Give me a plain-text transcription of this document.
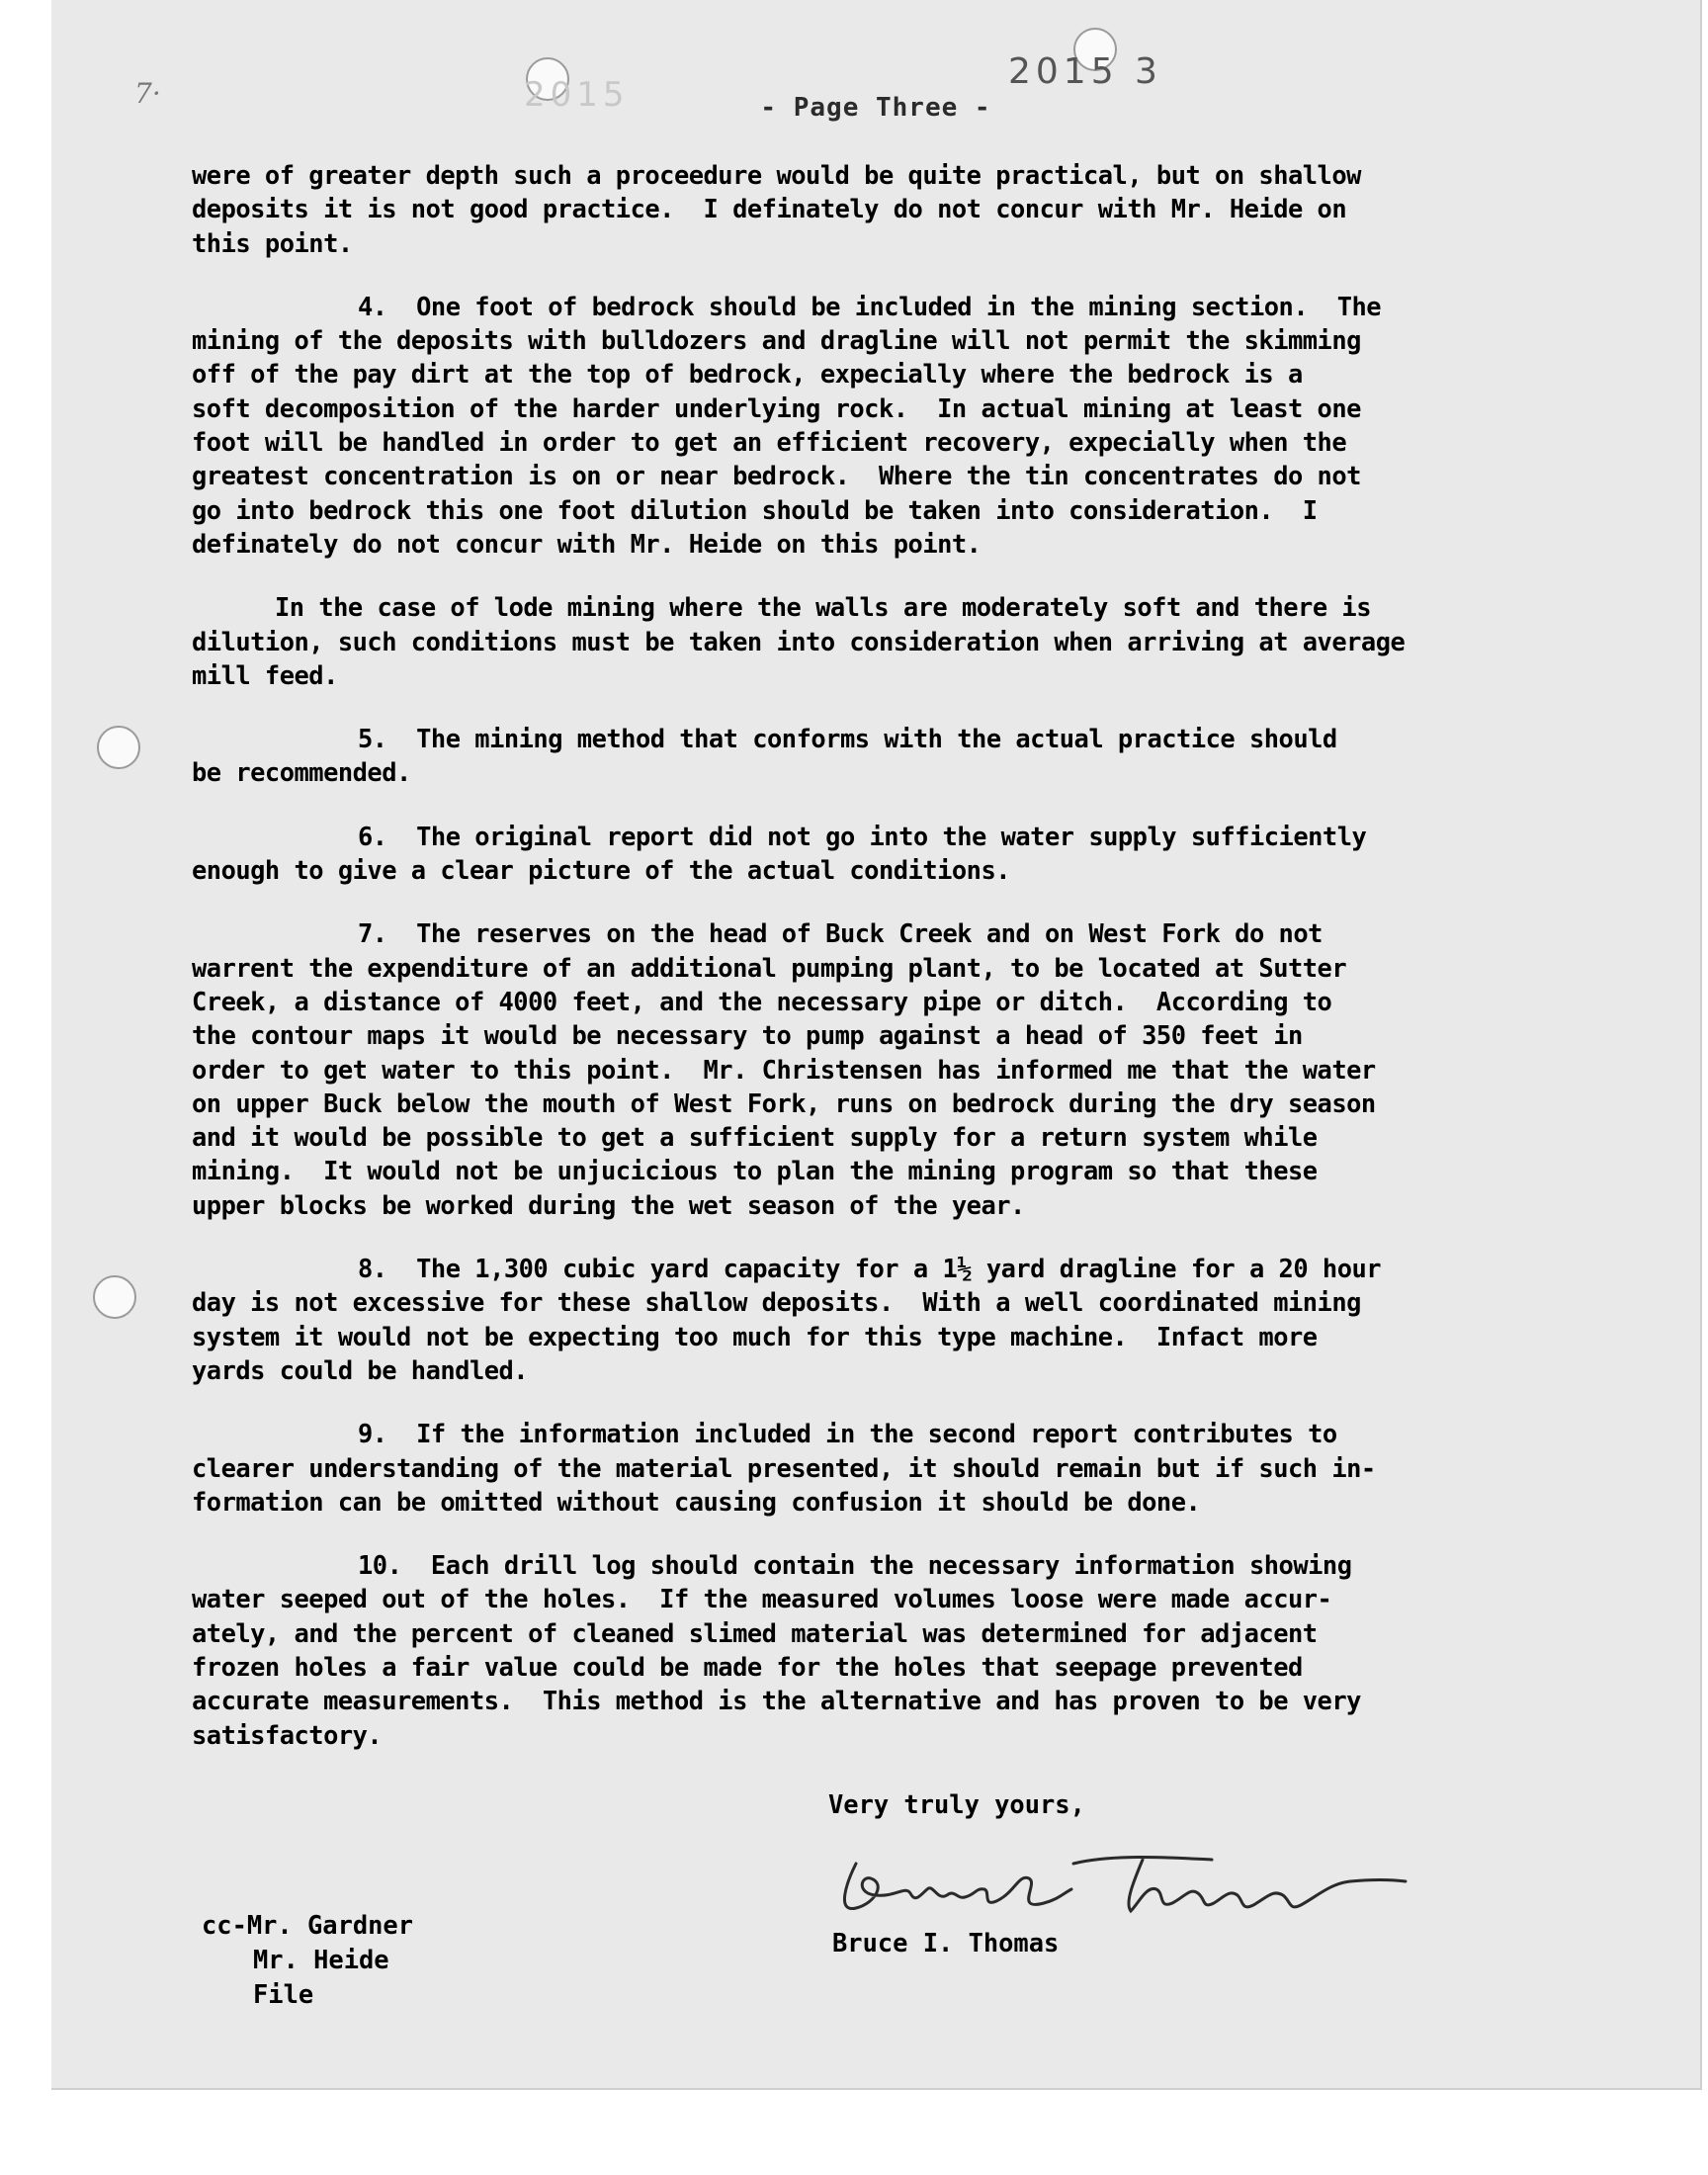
7·	2015
2015 3
- Page Three -

were of greater depth such a proceedure would be quite practical, but on shallow
deposits it is not good practice.  I definately do not concur with Mr. Heide on
this point.

4.  One foot of bedrock should be included in the mining section.  The
mining of the deposits with bulldozers and dragline will not permit the skimming
off of the pay dirt at the top of bedrock, expecially where the bedrock is a
soft decomposition of the harder underlying rock.  In actual mining at least one
foot will be handled in order to get an efficient recovery, expecially when the
greatest concentration is on or near bedrock.  Where the tin concentrates do not
go into bedrock this one foot dilution should be taken into consideration.  I
definately do not concur with Mr. Heide on this point.

In the case of lode mining where the walls are moderately soft and there is
dilution, such conditions must be taken into consideration when arriving at average
mill feed.

5.  The mining method that conforms with the actual practice should
be recommended.

6.  The original report did not go into the water supply sufficiently
enough to give a clear picture of the actual conditions.

7.  The reserves on the head of Buck Creek and on West Fork do not
warrent the expenditure of an additional pumping plant, to be located at Sutter
Creek, a distance of 4000 feet, and the necessary pipe or ditch.  According to
the contour maps it would be necessary to pump against a head of 350 feet in
order to get water to this point.  Mr. Christensen has informed me that the water
on upper Buck below the mouth of West Fork, runs on bedrock during the dry season
and it would be possible to get a sufficient supply for a return system while
mining.  It would not be unjucicious to plan the mining program so that these
upper blocks be worked during the wet season of the year.

8.  The 1,300 cubic yard capacity for a 1½ yard dragline for a 20 hour
day is not excessive for these shallow deposits.  With a well coordinated mining
system it would not be expecting too much for this type machine.  Infact more
yards could be handled.

9.  If the information included in the second report contributes to
clearer understanding of the material presented, it should remain but if such in-
formation can be omitted without causing confusion it should be done.

10.  Each drill log should contain the necessary information showing
water seeped out of the holes.  If the measured volumes loose were made accur-
ately, and the percent of cleaned slimed material was determined for adjacent
frozen holes a fair value could be made for the holes that seepage prevented
accurate measurements.  This method is the alternative and has proven to be very
satisfactory.

Very truly yours,
Bruce I. Thomas
cc-Mr. Gardner
Mr. Heide
File
